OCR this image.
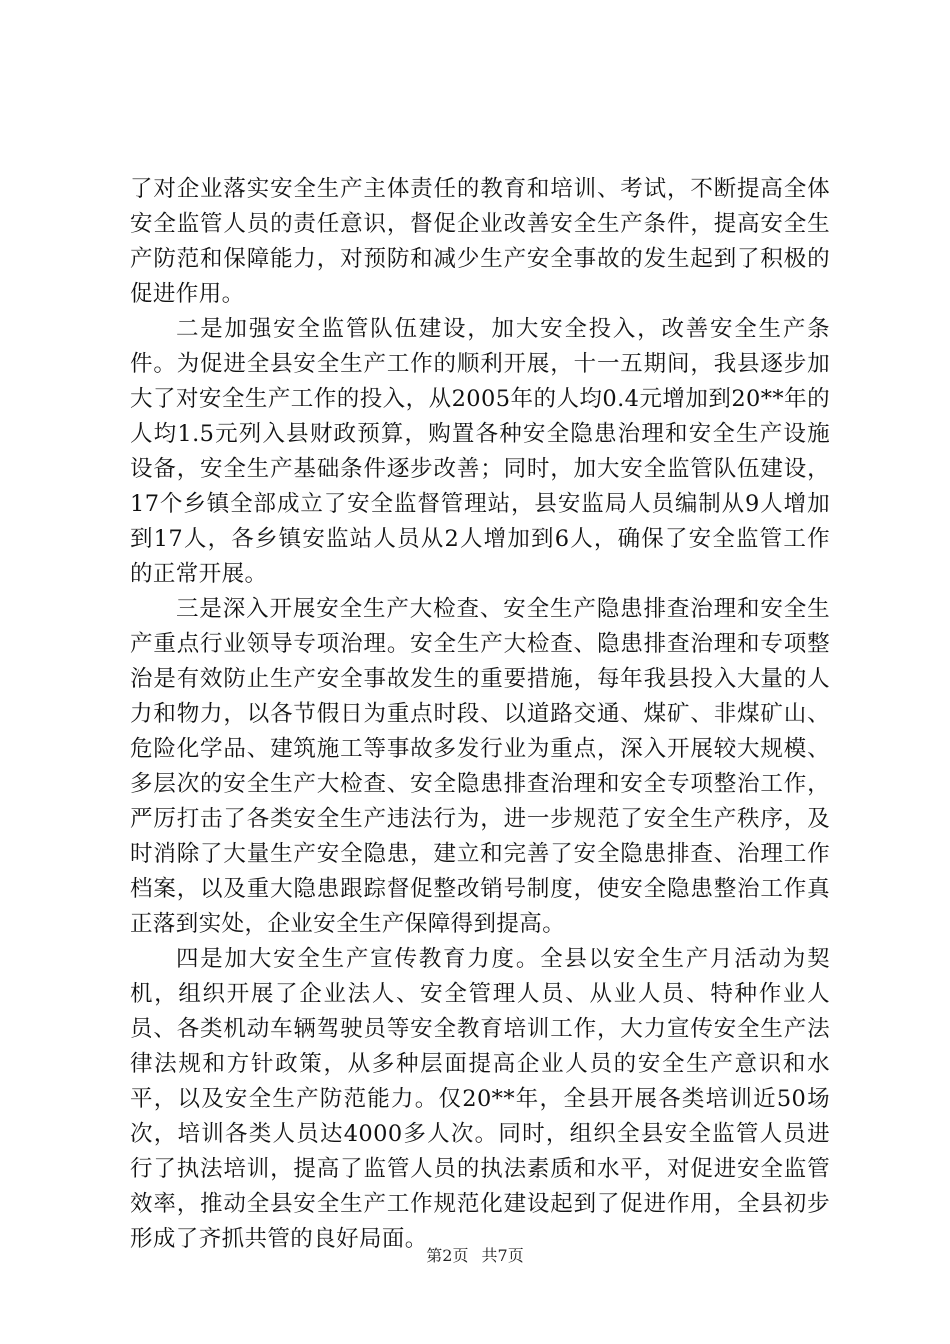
了对企业落实安全生产主体责任的教育和培训、考试，不断提高全体安全监管人员的责任意识，督促企业改善安全生产条件，提高安全生产防范和保障能力，对预防和减少生产安全事故的发生起到了积极的促进作用。

二是加强安全监管队伍建设，加大安全投入，改善安全生产条件。为促进全县安全生产工作的顺利开展，十一五期间，我县逐步加大了对安全生产工作的投入，从2005年的人均0.4元增加到20**年的人均1.5元列入县财政预算，购置各种安全隐患治理和安全生产设施设备，安全生产基础条件逐步改善；同时，加大安全监管队伍建设，17个乡镇全部成立了安全监督管理站，县安监局人员编制从9人增加到17人，各乡镇安监站人员从2人增加到6人，确保了安全监管工作的正常开展。

三是深入开展安全生产大检查、安全生产隐患排查治理和安全生产重点行业领导专项治理。安全生产大检查、隐患排查治理和专项整治是有效防止生产安全事故发生的重要措施，每年我县投入大量的人力和物力，以各节假日为重点时段、以道路交通、煤矿、非煤矿山、危险化学品、建筑施工等事故多发行业为重点，深入开展较大规模、多层次的安全生产大检查、安全隐患排查治理和安全专项整治工作，严厉打击了各类安全生产违法行为，进一步规范了安全生产秩序，及时消除了大量生产安全隐患，建立和完善了安全隐患排查、治理工作档案，以及重大隐患跟踪督促整改销号制度，使安全隐患整治工作真正落到实处，企业安全生产保障得到提高。

四是加大安全生产宣传教育力度。全县以安全生产月活动为契机，组织开展了企业法人、安全管理人员、从业人员、特种作业人员、各类机动车辆驾驶员等安全教育培训工作，大力宣传安全生产法律法规和方针政策，从多种层面提高企业人员的安全生产意识和水平，以及安全生产防范能力。仅20**年，全县开展各类培训近50场次，培训各类人员达4000多人次。同时，组织全县安全监管人员进行了执法培训，提高了监管人员的执法素质和水平，对促进安全监管效率，推动全县安全生产工作规范化建设起到了促进作用，全县初步形成了齐抓共管的良好局面。

第2页 共7页
